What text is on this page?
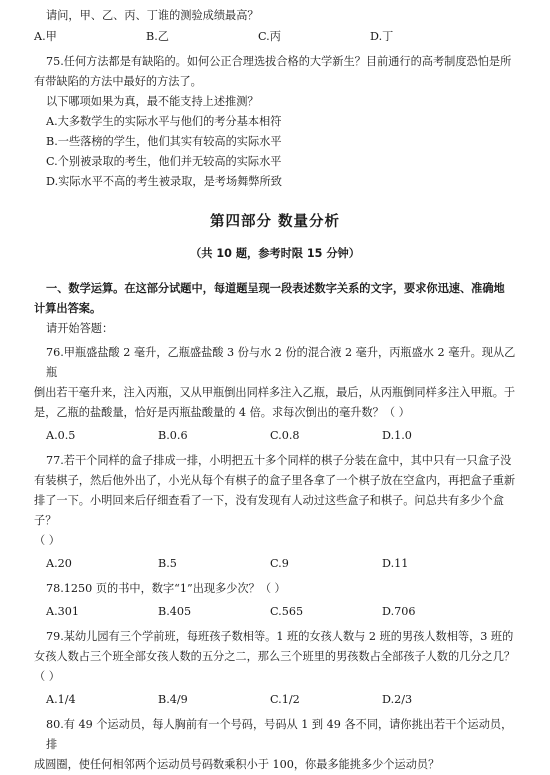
请问，甲、乙、丙、丁谁的测验成绩最高？
A.甲	B.乙	C.丙	D.丁
75.任何方法都是有缺陷的。如何公正合理选拔合格的大学新生？目前通行的高考制度恐怕是所
有带缺陷的方法中最好的方法了。
以下哪项如果为真，最不能支持上述推测？
A.大多数学生的实际水平与他们的考分基本相符
B.一些落榜的学生，他们其实有较高的实际水平
C.个别被录取的考生，他们并无较高的实际水平
D.实际水平不高的考生被录取，是考场舞弊所致
第四部分 数量分析
（共 10 题，参考时限 15 分钟）
一、数学运算。在这部分试题中，每道题呈现一段表述数字关系的文字，要求你迅速、准确地
计算出答案。
请开始答题：
76.甲瓶盛盐酸 2 毫升，乙瓶盛盐酸 3 份与水 2 份的混合液 2 毫升，丙瓶盛水 2 毫升。现从乙瓶
倒出若干毫升来，注入丙瓶，又从甲瓶倒出同样多注入乙瓶，最后，从丙瓶倒同样多注入甲瓶。于
是，乙瓶的盐酸量，恰好是丙瓶盐酸量的 4 倍。求每次倒出的毫升数？（ ）
A.0.5	B.0.6	C.0.8	D.1.0
77.若干个同样的盒子排成一排，小明把五十多个同样的棋子分装在盒中，其中只有一只盒子没
有装棋子，然后他外出了，小光从每个有棋子的盒子里各拿了一个棋子放在空盒内，再把盒子重新
排了一下。小明回来后仔细查看了一下，没有发现有人动过这些盒子和棋子。问总共有多少个盒子？
（ ）
A.20	B.5	C.9	D.11
78.1250 页的书中，数字“1”出现多少次？（ ）
A.301	B.405	C.565	D.706
79.某幼儿园有三个学前班，每班孩子数相等。1 班的女孩人数与 2 班的男孩人数相等，3 班的
女孩人数占三个班全部女孩人数的五分之二，那么三个班里的男孩数占全部孩子人数的几分之几？
（ ）
A.1/4	B.4/9	C.1/2	D.2/3
80.有 49 个运动员，每人胸前有一个号码，号码从 1 到 49 各不同，请你挑出若干个运动员，排
成圆圈，使任何相邻两个运动员号码数乘积小于 100，你最多能挑多少个运动员？
